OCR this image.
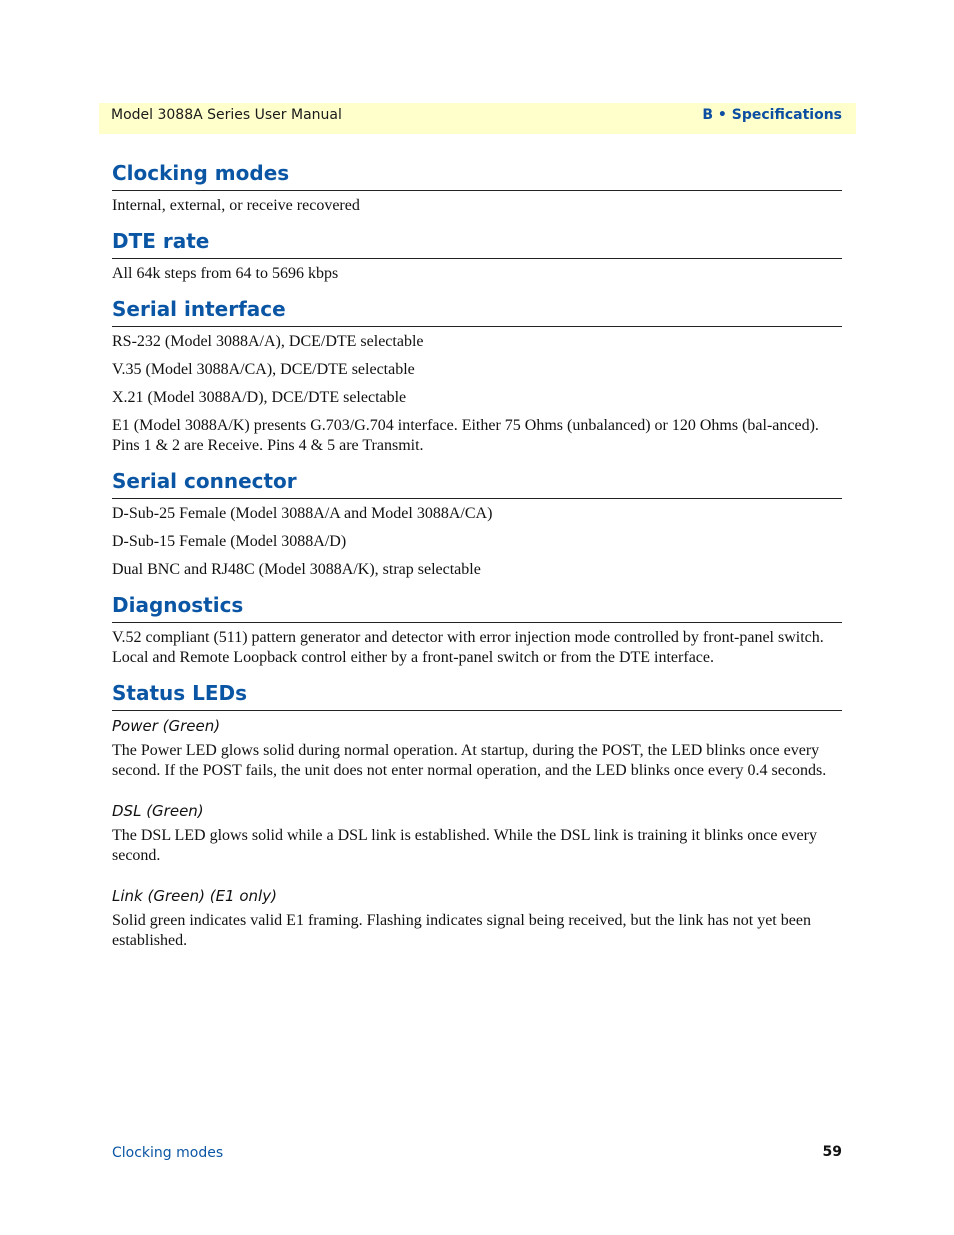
Model 3088A Series User Manual	B • Specifications
Clocking modes

Internal, external, or receive recovered

DTE rate

All 64k steps from 64 to 5696 kbps

Serial interface

RS-232 (Model 3088A/A), DCE/DTE selectable

V.35 (Model 3088A/CA), DCE/DTE selectable

X.21 (Model 3088A/D), DCE/DTE selectable

E1 (Model 3088A/K) presents G.703/G.704 interface. Either 75 Ohms (unbalanced) or 120 Ohms (bal-anced). Pins 1 & 2 are Receive. Pins 4 & 5 are Transmit.

Serial connector

D-Sub-25 Female (Model 3088A/A and Model 3088A/CA)

D-Sub-15 Female (Model 3088A/D)

Dual BNC and RJ48C (Model 3088A/K), strap selectable

Diagnostics

V.52 compliant (511) pattern generator and detector with error injection mode controlled by front-panel switch. Local and Remote Loopback control either by a front-panel switch or from the DTE interface.

Status LEDs
Power (Green)

The Power LED glows solid during normal operation. At startup, during the POST, the LED blinks once every second. If the POST fails, the unit does not enter normal operation, and the LED blinks once every 0.4 seconds.

DSL (Green)

The DSL LED glows solid while a DSL link is established. While the DSL link is training it blinks once every second.

Link (Green) (E1 only)

Solid green indicates valid E1 framing. Flashing indicates signal being received, but the link has not yet been established.

Clocking modes	59
